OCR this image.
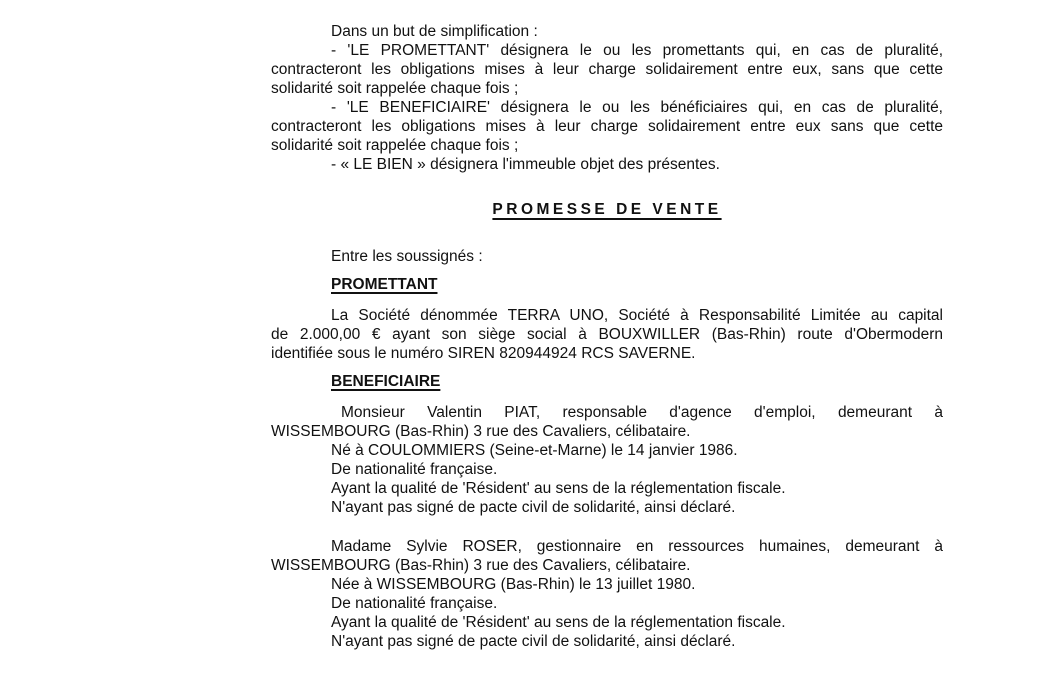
Dans un but de simplification :
- 'LE PROMETTANT' désignera le ou les promettants qui, en cas de pluralité,
contracteront les obligations mises à leur charge solidairement entre eux, sans que cette
solidarité soit rappelée chaque fois ;
- 'LE BENEFICIAIRE' désignera le ou les bénéficiaires qui, en cas de pluralité,
contracteront les obligations mises à leur charge solidairement entre eux sans que cette
solidarité soit rappelée chaque fois ;
- « LE BIEN » désignera l'immeuble objet des présentes.
PROMESSE DE VENTE
Entre les soussignés :
PROMETTANT
La Société dénommée TERRA UNO, Société à Responsabilité Limitée au capital
de 2.000,00 € ayant son siège social à BOUXWILLER (Bas-Rhin) route d'Obermodern
identifiée sous le numéro SIREN 820944924 RCS SAVERNE.
BENEFICIAIRE
Monsieur Valentin PIAT, responsable d'agence d'emploi, demeurant à
WISSEMBOURG (Bas-Rhin) 3 rue des Cavaliers, célibataire.
Né à COULOMMIERS (Seine-et-Marne) le 14 janvier 1986.
De nationalité française.
Ayant la qualité de 'Résident' au sens de la réglementation fiscale.
N'ayant pas signé de pacte civil de solidarité, ainsi déclaré.
Madame Sylvie ROSER, gestionnaire en ressources humaines, demeurant à
WISSEMBOURG (Bas-Rhin) 3 rue des Cavaliers, célibataire.
Née à WISSEMBOURG (Bas-Rhin) le 13 juillet 1980.
De nationalité française.
Ayant la qualité de 'Résident' au sens de la réglementation fiscale.
N'ayant pas signé de pacte civil de solidarité, ainsi déclaré.
